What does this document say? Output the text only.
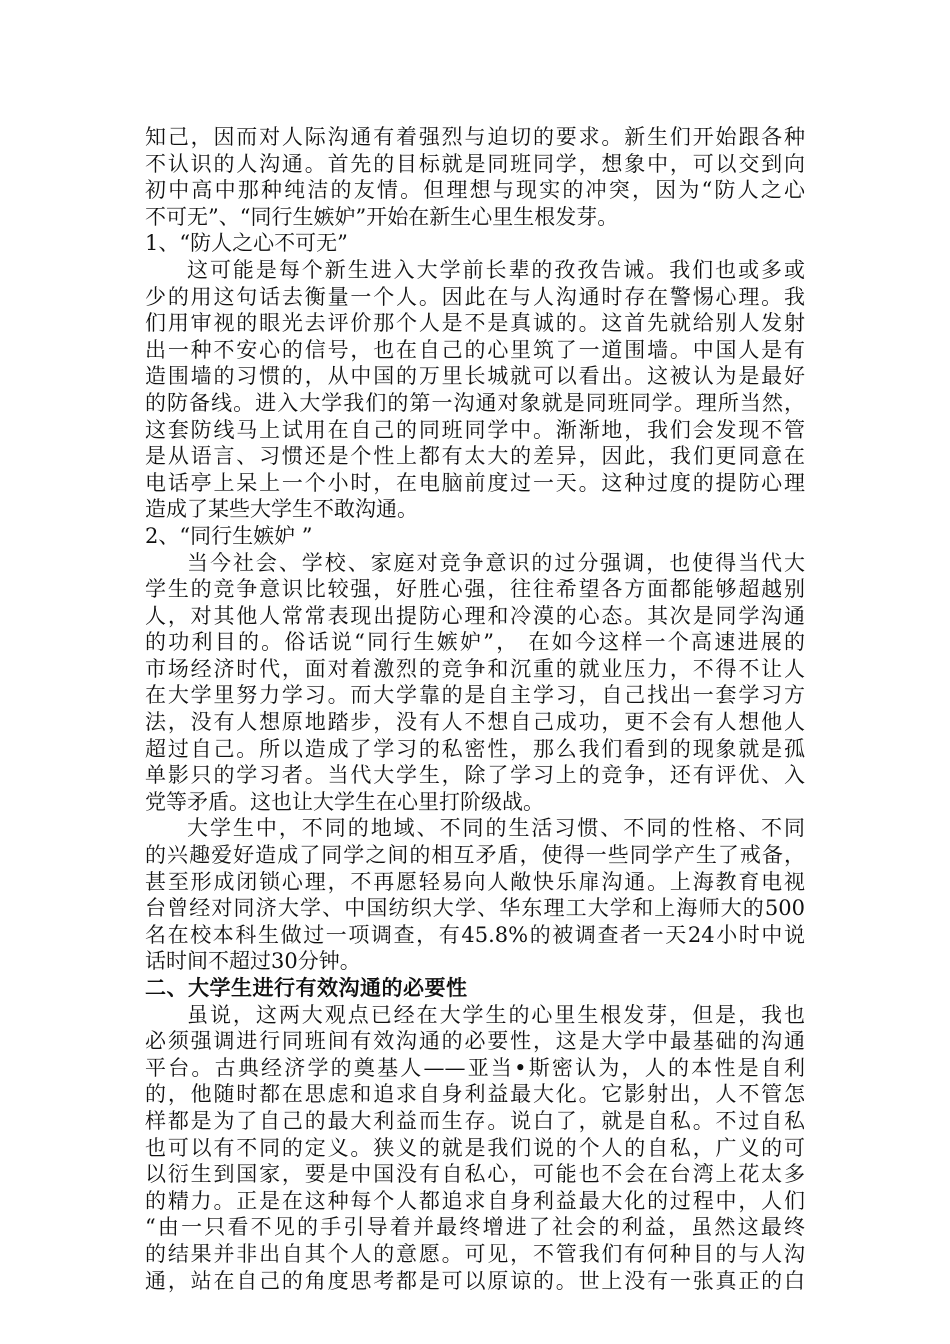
知己，因而对人际沟通有着强烈与迫切的要求。新生们开始跟各种
不认识的人沟通。首先的目标就是同班同学，想象中，可以交到向
初中高中那种纯洁的友情。但理想与现实的冲突，因为“防人之心
不可无”、“同行生嫉妒”开始在新生心里生根发芽。
1、“防人之心不可无”
这可能是每个新生进入大学前长辈的孜孜告诫。我们也或多或
少的用这句话去衡量一个人。因此在与人沟通时存在警惕心理。我
们用审视的眼光去评价那个人是不是真诚的。这首先就给别人发射
出一种不安心的信号，也在自己的心里筑了一道围墙。中国人是有
造围墙的习惯的，从中国的万里长城就可以看出。这被认为是最好
的防备线。进入大学我们的第一沟通对象就是同班同学。理所当然，
这套防线马上试用在自己的同班同学中。渐渐地，我们会发现不管
是从语言、习惯还是个性上都有太大的差异，因此，我们更同意在
电话亭上呆上一个小时，在电脑前度过一天。这种过度的提防心理
造成了某些大学生不敢沟通。
2、“同行生嫉妒 ”
当今社会、学校、家庭对竞争意识的过分强调，也使得当代大
学生的竞争意识比较强，好胜心强，往往希望各方面都能够超越别
人，对其他人常常表现出提防心理和冷漠的心态。其次是同学沟通
的功利目的。俗话说“同行生嫉妒”， 在如今这样一个高速进展的
市场经济时代，面对着激烈的竞争和沉重的就业压力，不得不让人
在大学里努力学习。而大学靠的是自主学习，自己找出一套学习方
法，没有人想原地踏步，没有人不想自己成功，更不会有人想他人
超过自己。所以造成了学习的私密性，那么我们看到的现象就是孤
单影只的学习者。当代大学生，除了学习上的竞争，还有评优、入
党等矛盾。这也让大学生在心里打阶级战。
大学生中，不同的地域、不同的生活习惯、不同的性格、不同
的兴趣爱好造成了同学之间的相互矛盾，使得一些同学产生了戒备，
甚至形成闭锁心理，不再愿轻易向人敞快乐扉沟通。上海教育电视
台曾经对同济大学、中国纺织大学、华东理工大学和上海师大的500
名在校本科生做过一项调查，有45.8%的被调查者一天24小时中说
话时间不超过30分钟。
二、大学生进行有效沟通的必要性
虽说，这两大观点已经在大学生的心里生根发芽，但是，我也
必须强调进行同班间有效沟通的必要性，这是大学中最基础的沟通
平台。古典经济学的奠基人——亚当•斯密认为，人的本性是自利
的，他随时都在思虑和追求自身利益最大化。它影射出，人不管怎
样都是为了自己的最大利益而生存。说白了，就是自私。不过自私
也可以有不同的定义。狭义的就是我们说的个人的自私，广义的可
以衍生到国家，要是中国没有自私心，可能也不会在台湾上花太多
的精力。正是在这种每个人都追求自身利益最大化的过程中，人们
“由一只看不见的手引导着并最终增进了社会的利益，虽然这最终
的结果并非出自其个人的意愿。可见，不管我们有何种目的与人沟
通，站在自己的角度思考都是可以原谅的。世上没有一张真正的白
